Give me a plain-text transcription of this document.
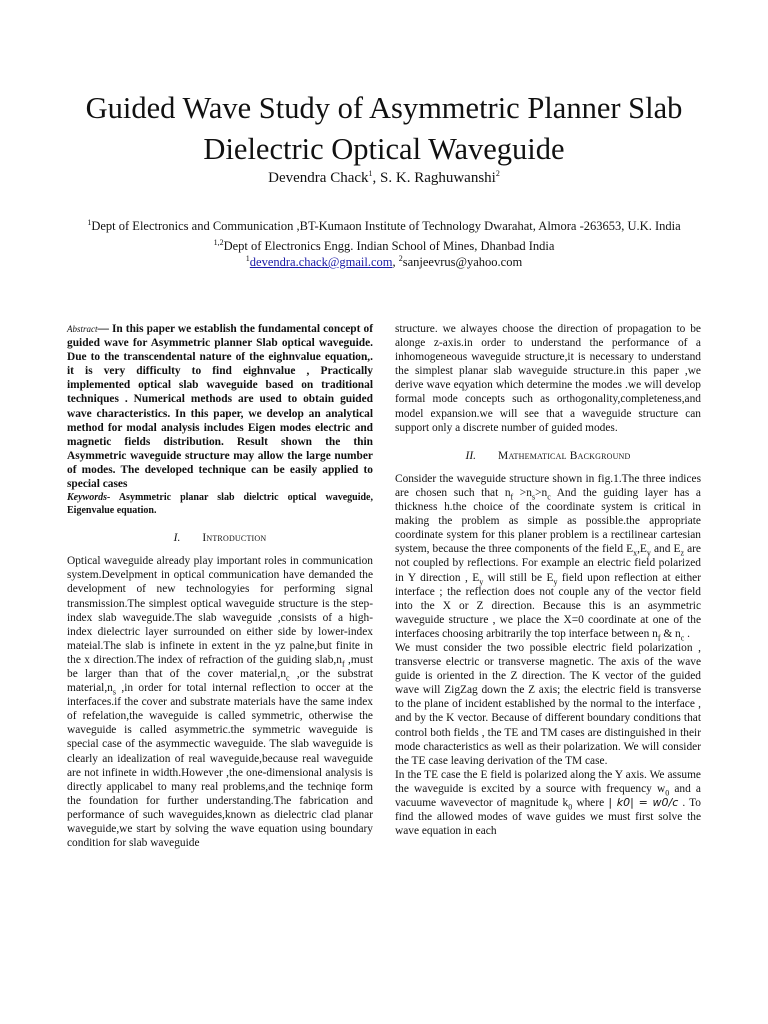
Guided Wave Study of Asymmetric Planner Slab
Dielectric Optical Waveguide
Devendra Chack$^1$, S. K. Raghuwanshi$^2$
$^1$Dept of Electronics and Communication ,BT-Kumaon Institute of Technology Dwarahat, Almora -263653, U.K. India
$^{1,2}$Dept of Electronics Engg. Indian School of Mines, Dhanbad India
$^1$devendra.chack@gmail.com, $^2$sanjeevrus@yahoo.com

Abstract— In this paper we establish the fundamental concept of guided wave for Asymmetric planner Slab optical waveguide. Due to the transcendental nature of the eighnvalue equation,. it is very difficulty to find eighnvalue , Practically implemented optical slab waveguide based on traditional techniques . Numerical methods are used to obtain guided wave characteristics. In this paper, we develop an analytical method for modal analysis includes Eigen modes electric and magnetic fields distribution. Result shown the thin Asymmetric waveguide structure may allow the large number of modes. The developed technique can be easily applied to special cases

Keywords- Asymmetric planar slab dielctric optical waveguide, Eigenvalue equation.

I. Introduction

Optical waveguide already play important roles in communication system.Develpment in optical communication have demanded the development of new technologyies for performing signal transmission.The simplest optical waveguide structure is the step-index slab waveguide.The slab waveguide ,consists of a high-index dielectric layer surrounded on either side by lower-index mateial.The slab is infinete in extent in the yz palne,but finite in the x direction.The index of refraction of the guiding $slab,n_f$ ,must be larger than that of the cover $material,n_c$ ,or the substrat $material,n_s$ ,in order for total internal reflection to occer at the interfaces.if the cover and substrate materials have the same index of refelation,the waveguide is called symmetric, otherwise the waveguide is called asymmetric.the symmetric waveguide is special case of the asymmectic waveguide. The slab waveguide is clearly an idealization of real waveguide,because real waveguide are not infinete in width.However ,the one-dimensional analysis is directly applicabel to many real problems,and the techniqe form the foundation for further understanding.The fabrication and performance of such waveguides,known as dielectric clad planar waveguide,we start by solving the wave equation using boundary condition for slab waveguide

structure. we alwayes choose the direction of propagation to be alonge z-axis.in order to understand the performance of a inhomogeneous waveguide structure,it is necessary to understand the simplest planar slab waveguide structure.in this paper ,we derive wave eqyation which determine the modes .we will develop formal mode concepts such as orthogonality,completeness,and model expansion.we will see that a waveguide structure can support only a discrete number of guided modes.

II. Mathematical Background

Consider the waveguide structure shown in fig.1.The three indices are chosen such that $n_f >n_s>n_c$ And the guiding layer has a thickness h.the choice of the coordinate system is critical in making the problem as simple as possible.the appropriate coordinate system for this planer problem is a rectilinear cartesian system, because the three components of the field $E_x,E_y$ and $E_z$ are not coupled by reflections. For example an electric field polarized in Y direction , $E_y$ will still be $E_y$ field upon reflection at either interface ; the reflection does not couple any of the vector field into the X or Z direction. Because this is an asymmetric waveguide structure , we place the X=0 coordinate at one of the interfaces choosing arbitrarily the top interface between $n_f$ & $n_c$ .

We must consider the two possible electric field polarization , transverse electric or transverse magnetic. The axis of the wave guide is oriented in the Z direction. The K vector of the guided wave will ZigZag down the Z axis; the electric field is transverse to the plane of incident established by the normal to the interface , and by the K vector. Because of different boundary conditions that control both fields , the TE and TM cases are distinguished in their mode characteristics as well as their polarization. We will consider the TE case leaving derivation of the TM case.

In the TE case the E field is polarized along the Y axis. We assume the waveguide is excited by a source with frequency $w_0$ and a vacuume wavevector of magnitude $k_0$ where | k0| = w0/c . To find the allowed modes of wave guides we must first solve the wave equation in each
